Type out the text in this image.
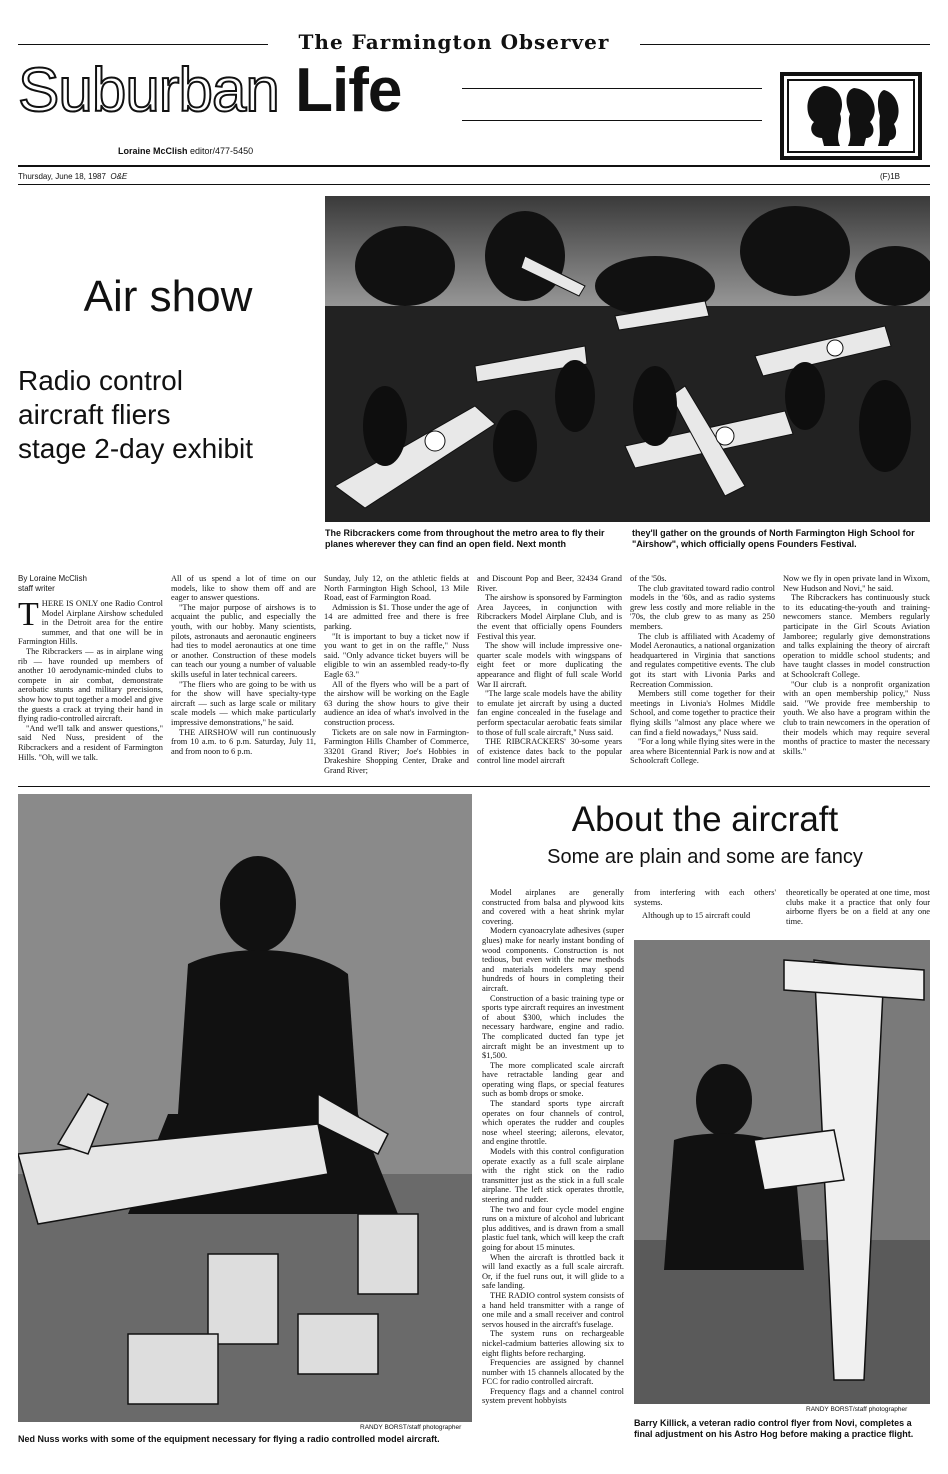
The Farmington Observer
Suburban Life
Loraine McClish editor/477-5450
Thursday, June 18, 1987 O&E	(F)1B
Air show
Radio control
aircraft fliers
stage 2-day exhibit
The Ribcrackers come from throughout the metro area to fly their planes wherever they can find an open field. Next month
they'll gather on the grounds of North Farmington High School for "Airshow", which officially opens Founders Festival.
By Loraine McClish
staff writer
T HERE IS ONLY one Radio Control Model Airplane Airshow scheduled in the Detroit area for the entire summer, and that one will be in Farmington Hills.

The Ribcrackers — as in airplane wing rib — have rounded up members of another 10 aerodynamic-minded clubs to compete in air combat, demonstrate aerobatic stunts and military precisions, show how to put together a model and give the guests a crack at trying their hand in flying radio-controlled aircraft.

"And we'll talk and answer questions," said Ned Nuss, president of the Ribcrackers and a resident of Farmington Hills. "Oh, will we talk.

All of us spend a lot of time on our models, like to show them off and are eager to answer questions.

"The major purpose of airshows is to acquaint the public, and especially the youth, with our hobby. Many scientists, pilots, astronauts and aeronautic engineers had ties to model aeronautics at one time or another. Construction of these models can teach our young a number of valuable skills useful in later technical careers.

"The fliers who are going to be with us for the show will have specialty-type aircraft — such as large scale or military scale models — which make particularly impressive demonstrations," he said.

THE AIRSHOW will run continuously from 10 a.m. to 6 p.m. Saturday, July 11, and from noon to 6 p.m.

Sunday, July 12, on the athletic fields at North Farmington High School, 13 Mile Road, east of Farmington Road.

Admission is $1. Those under the age of 14 are admitted free and there is free parking.

"It is important to buy a ticket now if you want to get in on the raffle," Nuss said. "Only advance ticket buyers will be eligible to win an assembled ready-to-fly Eagle 63."

All of the flyers who will be a part of the airshow will be working on the Eagle 63 during the show hours to give their audience an idea of what's involved in the construction process.

Tickets are on sale now in Farmington-Farmington Hills Chamber of Commerce, 33201 Grand River; Joe's Hobbies in Drakeshire Shopping Center, Drake and Grand River;

and Discount Pop and Beer, 32434 Grand River.

The airshow is sponsored by Farmington Area Jaycees, in conjunction with Ribcrackers Model Airplane Club, and is the event that officially opens Founders Festival this year.

The show will include impressive one-quarter scale models with wingspans of eight feet or more duplicating the appearance and flight of full scale World War II aircraft.

"The large scale models have the ability to emulate jet aircraft by using a ducted fan engine concealed in the fuselage and perform spectacular aerobatic feats similar to those of full scale aircraft," Nuss said.

THE RIBCRACKERS' 30-some years of existence dates back to the popular control line model aircraft

of the '50s.

The club gravitated toward radio control models in the '60s, and as radio systems grew less costly and more reliable in the '70s, the club grew to as many as 250 members.

The club is affiliated with Academy of Model Aeronautics, a national organization headquartered in Virginia that sanctions and regulates competitive events. The club got its start with Livonia Parks and Recreation Commission.

Members still come together for their meetings in Livonia's Holmes Middle School, and come together to practice their flying skills "almost any place where we can find a field nowadays," Nuss said.

"For a long while flying sites were in the area where Bicentennial Park is now and at Schoolcraft College.

Now we fly in open private land in Wixom, New Hudson and Novi," he said.

The Ribcrackers has continuously stuck to its educating-the-youth and training-newcomers stance. Members regularly participate in the Girl Scouts Aviation Jamboree; regularly give demonstrations and talks explaining the theory of aircraft operation to middle school students; and have taught classes in model construction at Schoolcraft College.

"Our club is a nonprofit organization with an open membership policy," Nuss said. "We provide free membership to youth. We also have a program within the club to train newcomers in the operation of their models which may require several months of practice to master the necessary skills."

RANDY BORST/staff photographer
Ned Nuss works with some of the equipment necessary for flying a radio controlled model aircraft.
About the aircraft
Some are plain and some are fancy

Model airplanes are generally constructed from balsa and plywood kits and covered with a heat shrink mylar covering.

Modern cyanoacrylate adhesives (super glues) make for nearly instant bonding of wood components. Construction is not tedious, but even with the new methods and materials modelers may spend hundreds of hours in completing their aircraft.

Construction of a basic training type or sports type aircraft requires an investment of about $300, which includes the necessary hardware, engine and radio. The complicated ducted fan type jet aircraft might be an investment up to $1,500.

The more complicated scale aircraft have retractable landing gear and operating wing flaps, or special features such as bomb drops or smoke.

The standard sports type aircraft operates on four channels of control, which operates the rudder and couples nose wheel steering; ailerons, elevator, and engine throttle.

Models with this control configuration operate exactly as a full scale airplane with the right stick on the radio transmitter just as the stick in a full scale airplane. The left stick operates throttle, steering and rudder.

The two and four cycle model engine runs on a mixture of alcohol and lubricant plus additives, and is drawn from a small plastic fuel tank, which will keep the craft going for about 15 minutes.

When the aircraft is throttled back it will land exactly as a full scale aircraft. Or, if the fuel runs out, it will glide to a safe landing.

THE RADIO control system consists of a hand held transmitter with a range of one mile and a small receiver and control servos housed in the aircraft's fuselage.

The system runs on rechargeable nickel-cadmium batteries allowing six to eight flights before recharging.

Frequencies are assigned by channel number with 15 channels allocated by the FCC for radio controlled aircraft.

Frequency flags and a channel control system prevent hobbyists

from interfering with each others' systems.

Although up to 15 aircraft could

theoretically be operated at one time, most clubs make it a practice that only four airborne flyers be on a field at any one time.

RANDY BORST/staff photographer
Barry Killick, a veteran radio control flyer from Novi, completes a final adjustment on his Astro Hog before making a practice flight.
